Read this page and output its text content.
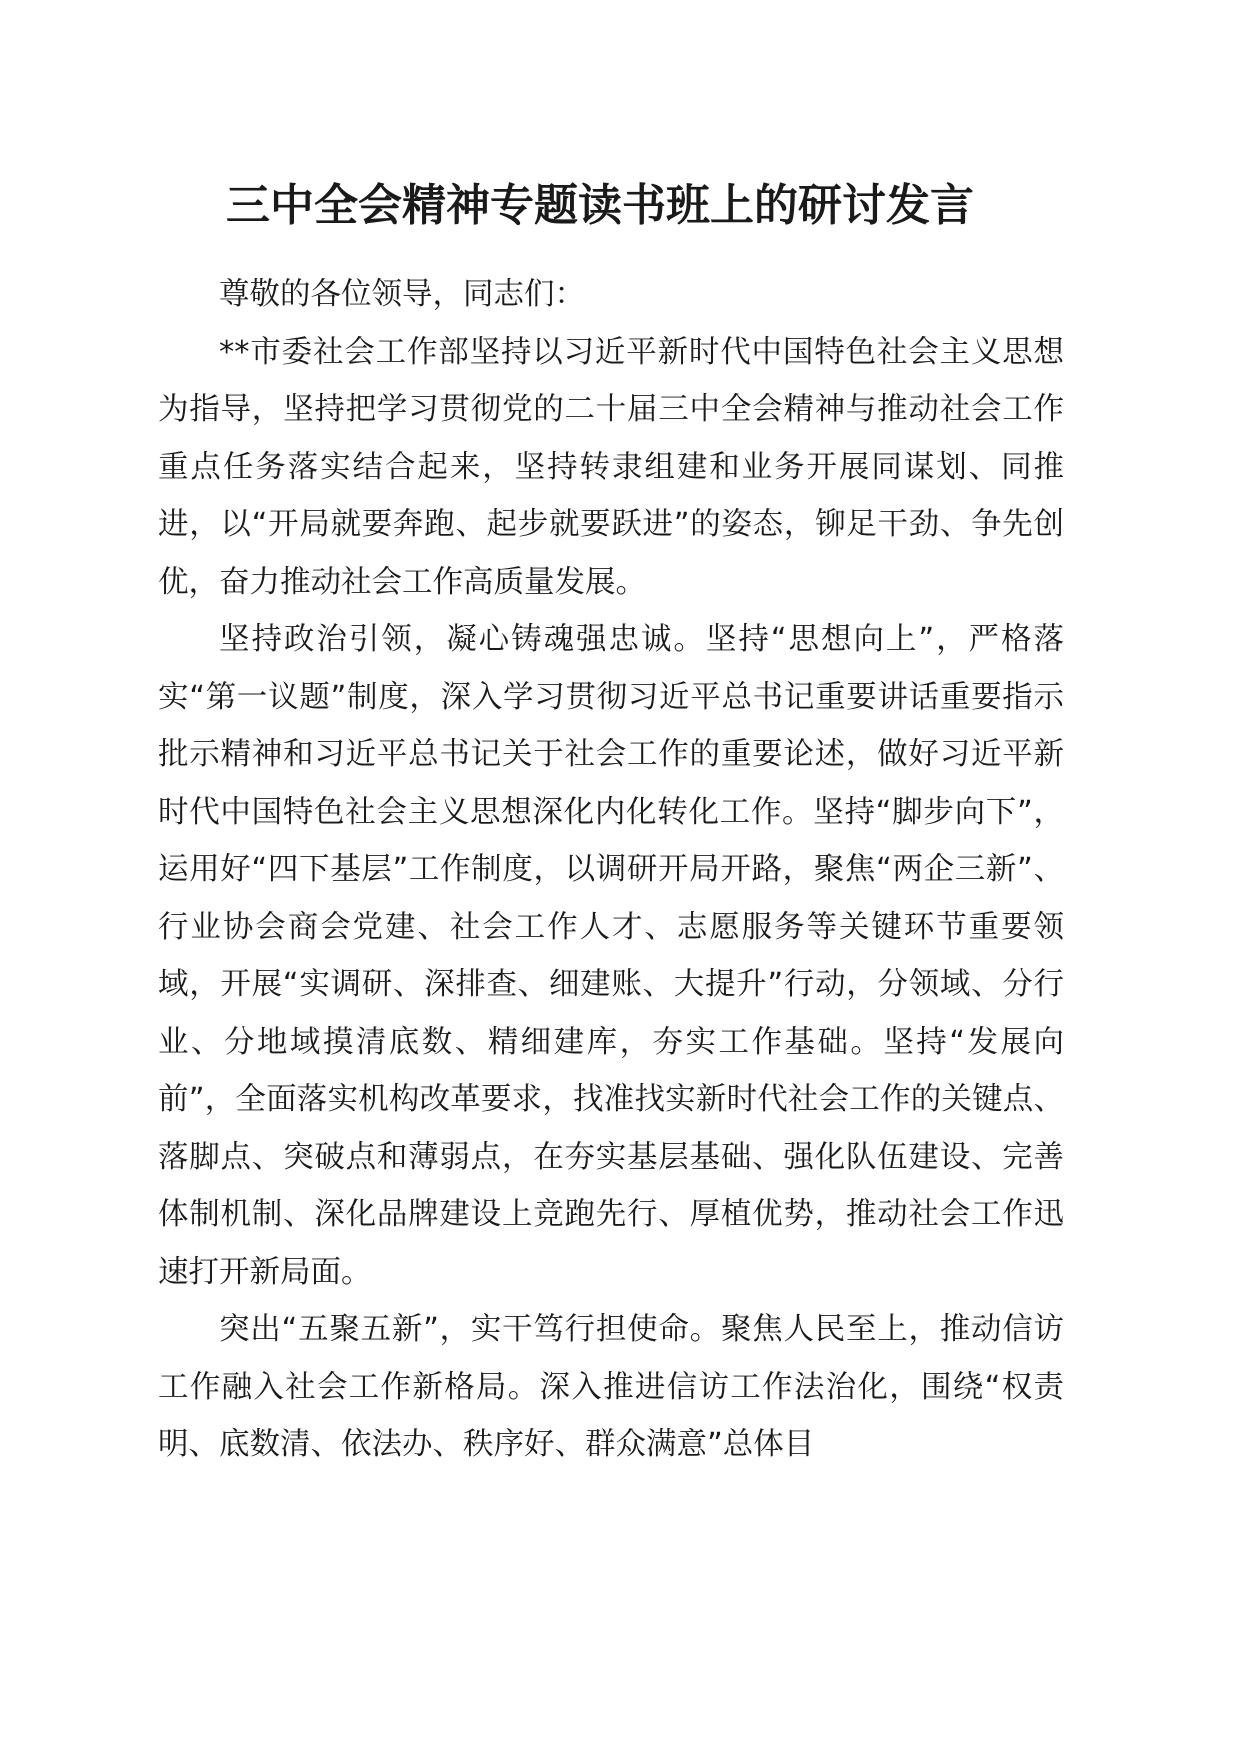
三中全会精神专题读书班上的研讨发言

尊敬的各位领导，同志们：

**市委社会工作部坚持以习近平新时代中国特色社会主义思想为指导，坚持把学习贯彻党的二十届三中全会精神与推动社会工作重点任务落实结合起来，坚持转隶组建和业务开展同谋划、同推进，以“开局就要奔跑、起步就要跃进”的姿态，铆足干劲、争先创优，奋力推动社会工作高质量发展。

坚持政治引领，凝心铸魂强忠诚。坚持“思想向上”，严格落实“第一议题”制度，深入学习贯彻习近平总书记重要讲话重要指示批示精神和习近平总书记关于社会工作的重要论述，做好习近平新时代中国特色社会主义思想深化内化转化工作。坚持“脚步向下”，运用好“四下基层”工作制度，以调研开局开路，聚焦“两企三新”、行业协会商会党建、社会工作人才、志愿服务等关键环节重要领域，开展“实调研、深排查、细建账、大提升”行动，分领域、分行业、分地域摸清底数、精细建库，夯实工作基础。坚持“发展向前”，全面落实机构改革要求，找准找实新时代社会工作的关键点、落脚点、突破点和薄弱点，在夯实基层基础、强化队伍建设、完善体制机制、深化品牌建设上竞跑先行、厚植优势，推动社会工作迅速打开新局面。

突出“五聚五新”，实干笃行担使命。聚焦人民至上，推动信访工作融入社会工作新格局。深入推进信访工作法治化，围绕“权责明、底数清、依法办、秩序好、群众满意”总体目
